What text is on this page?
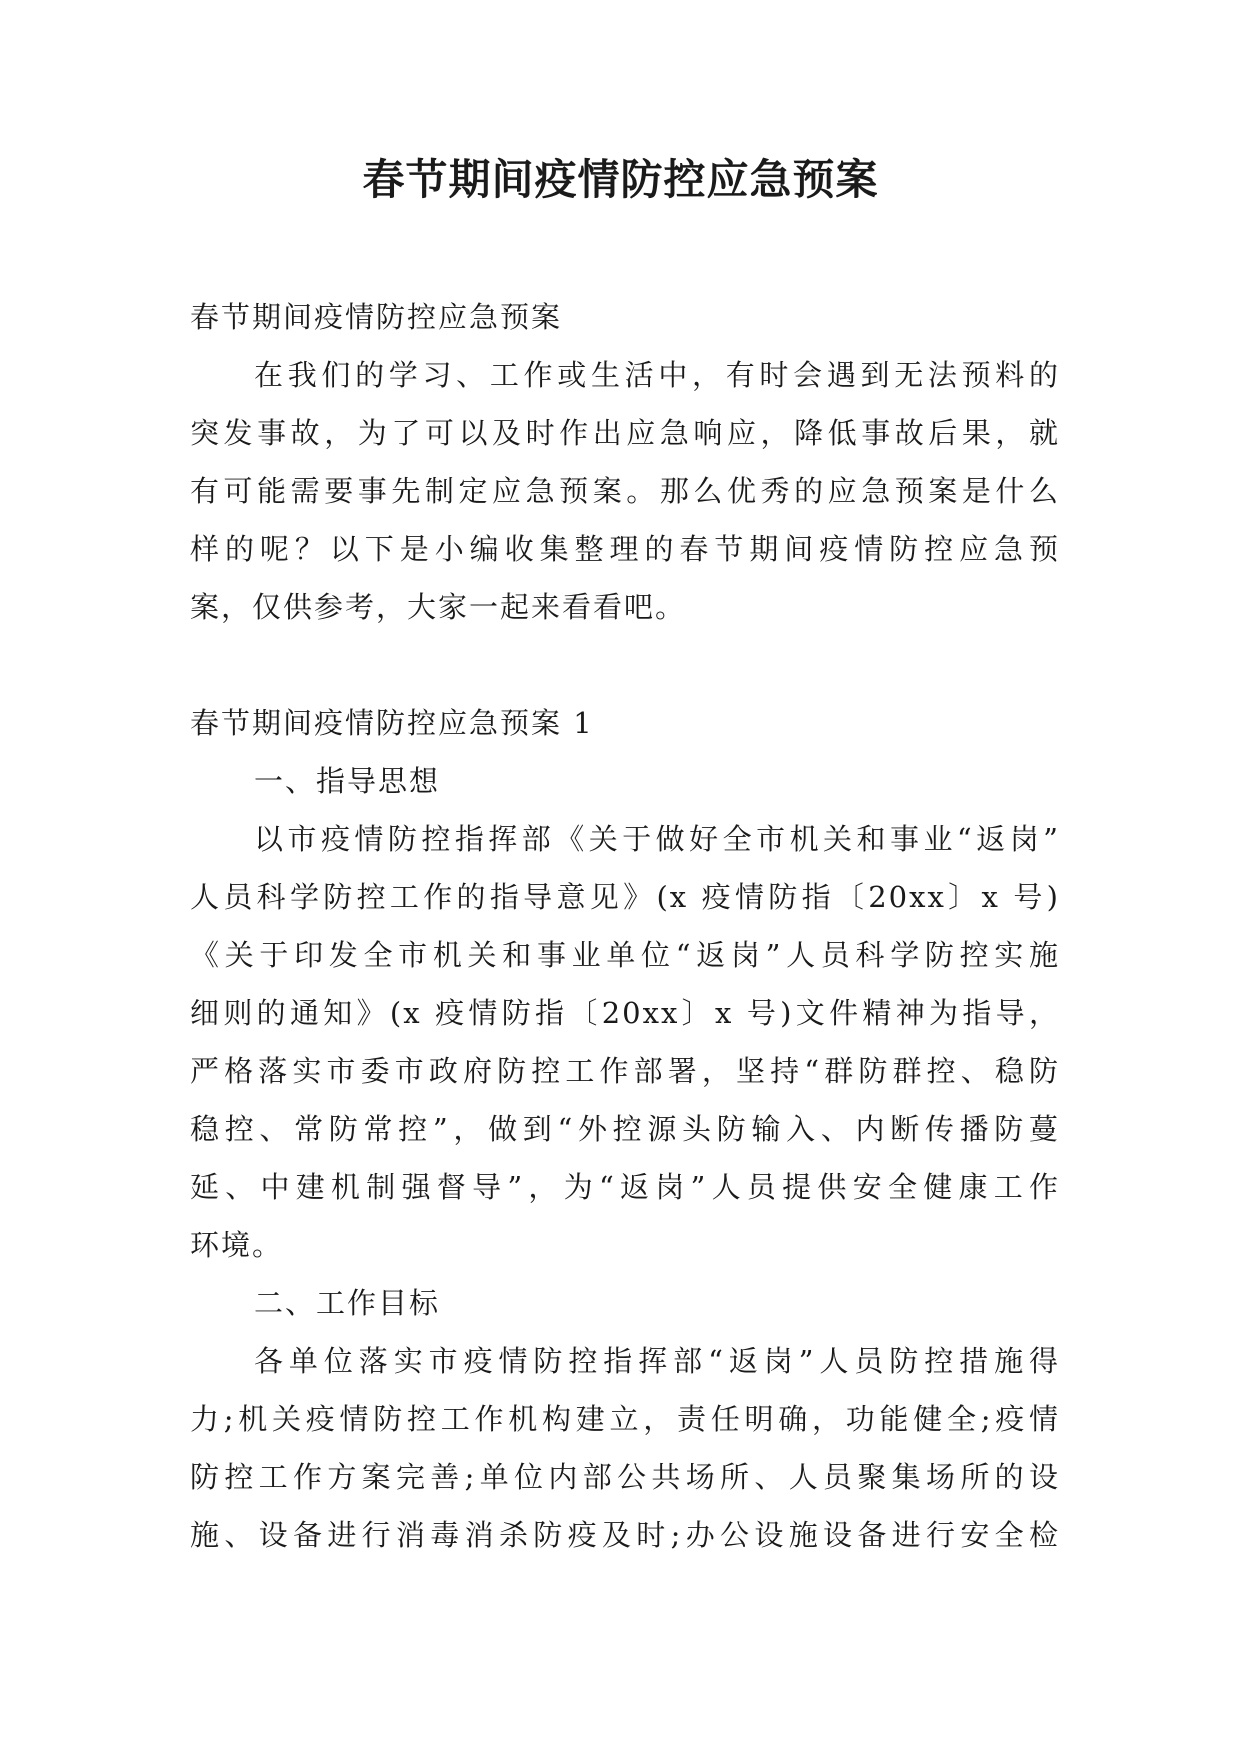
春节期间疫情防控应急预案
春节期间疫情防控应急预案
在我们的学习、工作或生活中，有时会遇到无法预料的
突发事故，为了可以及时作出应急响应，降低事故后果，就
有可能需要事先制定应急预案。那么优秀的应急预案是什么
样的呢？以下是小编收集整理的春节期间疫情防控应急预
案，仅供参考，大家一起来看看吧。
春节期间疫情防控应急预案 1
一、指导思想
以市疫情防控指挥部《关于做好全市机关和事业“返岗”
人员科学防控工作的指导意见》(x 疫情防指〔20xx〕x 号)
《关于印发全市机关和事业单位“返岗”人员科学防控实施
细则的通知》(x 疫情防指〔20xx〕x 号)文件精神为指导，
严格落实市委市政府防控工作部署，坚持“群防群控、稳防
稳控、常防常控”，做到“外控源头防输入、内断传播防蔓
延、中建机制强督导”，为“返岗”人员提供安全健康工作
环境。
二、工作目标
各单位落实市疫情防控指挥部“返岗”人员防控措施得
力;机关疫情防控工作机构建立，责任明确，功能健全;疫情
防控工作方案完善;单位内部公共场所、人员聚集场所的设
施、设备进行消毒消杀防疫及时;办公设施设备进行安全检
